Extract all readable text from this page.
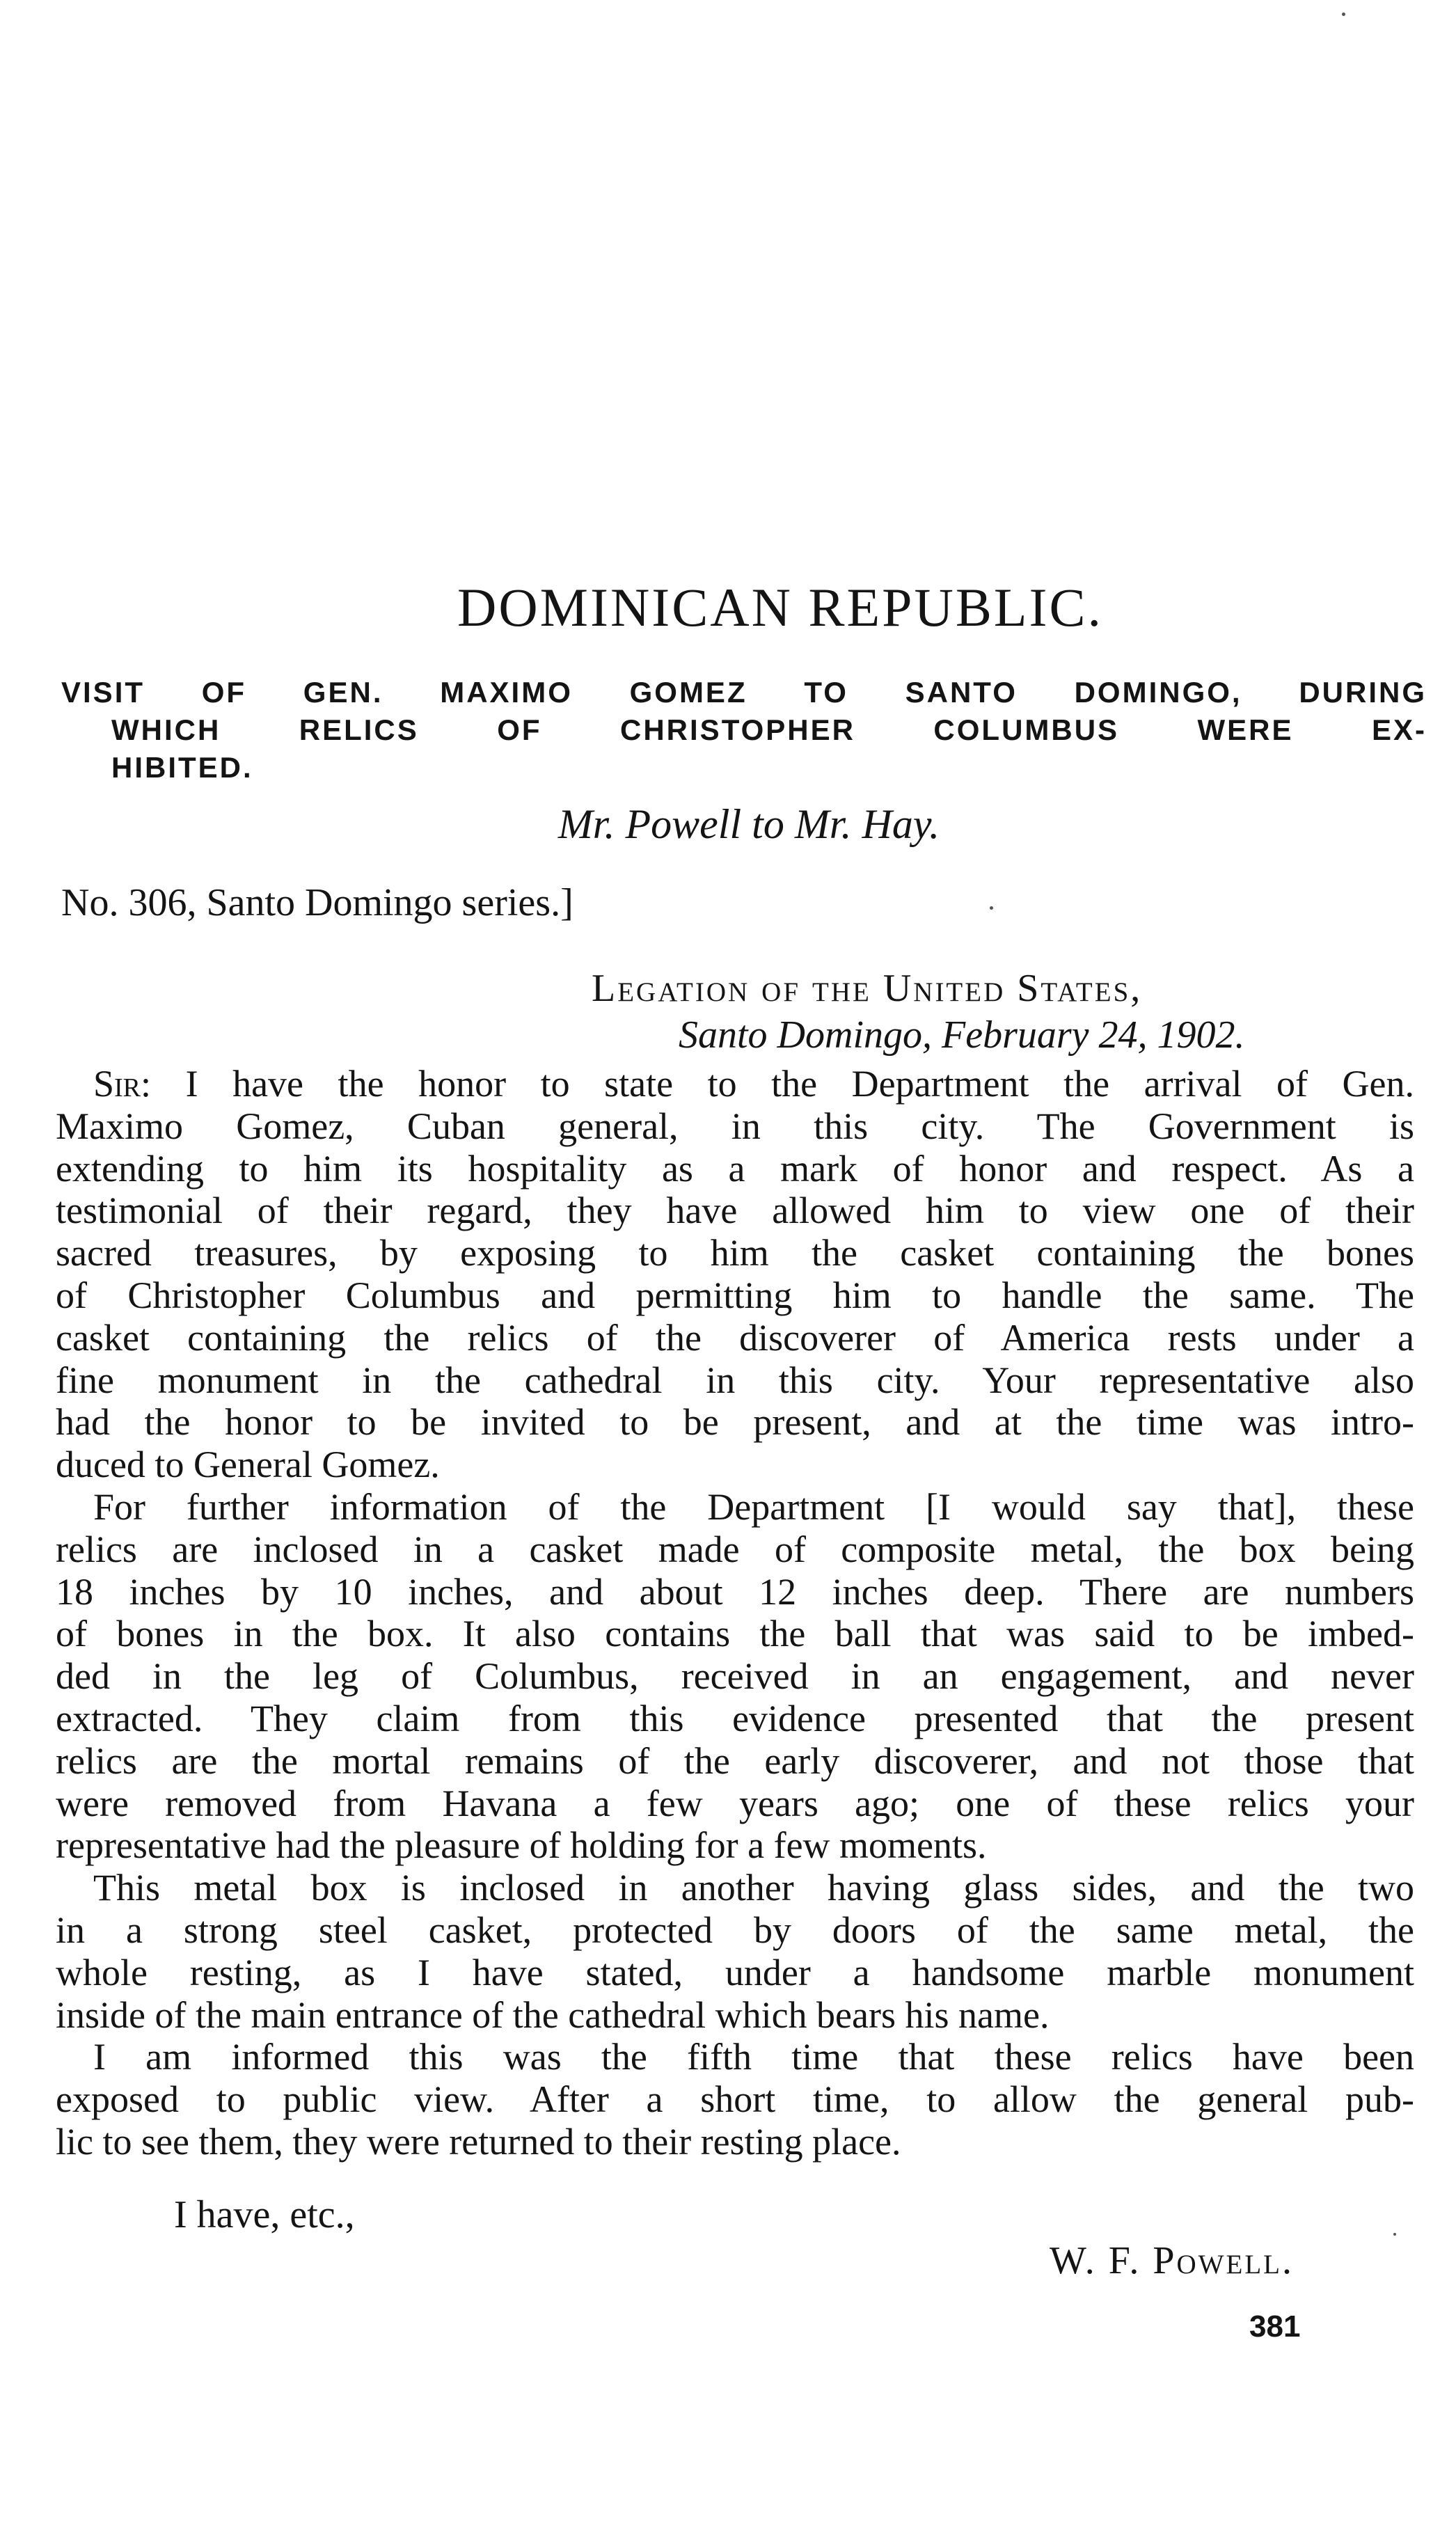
DOMINICAN REPUBLIC.
VISIT OF GEN. MAXIMO GOMEZ TO SANTO DOMINGO, DURING
WHICH RELICS OF CHRISTOPHER COLUMBUS WERE EX-
HIBITED.

Mr. Powell to Mr. Hay.

No. 306, Santo Domingo series.]

Legation of the United States,

Santo Domingo, February 24, 1902.

Sir: I have the honor to state to the Department the arrival of Gen.
Maximo Gomez, Cuban general, in this city. The Government is
extending to him its hospitality as a mark of honor and respect. As a
testimonial of their regard, they have allowed him to view one of their
sacred treasures, by exposing to him the casket containing the bones
of Christopher Columbus and permitting him to handle the same. The
casket containing the relics of the discoverer of America rests under a
fine monument in the cathedral in this city. Your representative also
had the honor to be invited to be present, and at the time was intro-
duced to General Gomez.
For further information of the Department [I would say that], these
relics are inclosed in a casket made of composite metal, the box being
18 inches by 10 inches, and about 12 inches deep. There are numbers
of bones in the box. It also contains the ball that was said to be imbed-
ded in the leg of Columbus, received in an engagement, and never
extracted. They claim from this evidence presented that the present
relics are the mortal remains of the early discoverer, and not those that
were removed from Havana a few years ago; one of these relics your
representative had the pleasure of holding for a few moments.
This metal box is inclosed in another having glass sides, and the two
in a strong steel casket, protected by doors of the same metal, the
whole resting, as I have stated, under a handsome marble monument
inside of the main entrance of the cathedral which bears his name.
I am informed this was the fifth time that these relics have been
exposed to public view. After a short time, to allow the general pub-
lic to see them, they were returned to their resting place.

I have, etc.,

W. F. Powell.

381
